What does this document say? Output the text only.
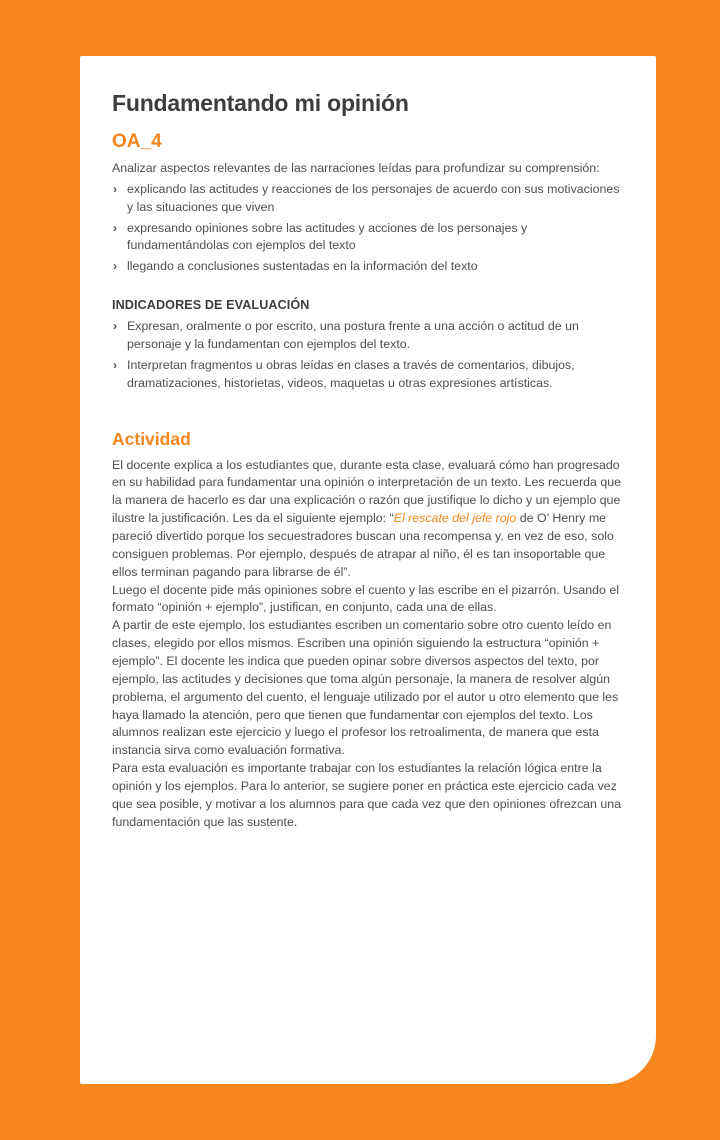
Fundamentando mi opinión
OA_4

Analizar aspectos relevantes de las narraciones leídas para profundizar su comprensión:

› explicando las actitudes y reacciones de los personajes de acuerdo con sus motivaciones y las situaciones que viven
› expresando opiniones sobre las actitudes y acciones de los personajes y fundamentándolas con ejemplos del texto
› llegando a conclusiones sustentadas en la información del texto
INDICADORES DE EVALUACIÓN
› Expresan, oralmente o por escrito, una postura frente a una acción o actitud de un personaje y la fundamentan con ejemplos del texto.
› Interpretan fragmentos u obras leídas en clases a través de comentarios, dibujos, dramatizaciones, historietas, videos, maquetas u otras expresiones artísticas.
Actividad

El docente explica a los estudiantes que, durante esta clase, evaluará cómo han progresado en su habilidad para fundamentar una opinión o interpretación de un texto. Les recuerda que la manera de hacerlo es dar una explicación o razón que justifique lo dicho y un ejemplo que ilustre la justificación. Les da el siguiente ejemplo: “El rescate del jefe rojo de O’ Henry me pareció divertido porque los secuestradores buscan una recompensa y, en vez de eso, solo consiguen problemas. Por ejemplo, después de atrapar al niño, él es tan insoportable que ellos terminan pagando para librarse de él”.

Luego el docente pide más opiniones sobre el cuento y las escribe en el pizarrón. Usando el formato “opinión + ejemplo”, justifican, en conjunto, cada una de ellas.

A partir de este ejemplo, los estudiantes escriben un comentario sobre otro cuento leído en clases, elegido por ellos mismos. Escriben una opinión siguiendo la estructura “opinión + ejemplo”. El docente les indica que pueden opinar sobre diversos aspectos del texto, por ejemplo, las actitudes y decisiones que toma algún personaje, la manera de resolver algún problema, el argumento del cuento, el lenguaje utilizado por el autor u otro elemento que les haya llamado la atención, pero que tienen que fundamentar con ejemplos del texto. Los alumnos realizan este ejercicio y luego el profesor los retroalimenta, de manera que esta instancia sirva como evaluación formativa.

Para esta evaluación es importante trabajar con los estudiantes la relación lógica entre la opinión y los ejemplos. Para lo anterior, se sugiere poner en práctica este ejercicio cada vez que sea posible, y motivar a los alumnos para que cada vez que den opiniones ofrezcan una fundamentación que las sustente.
